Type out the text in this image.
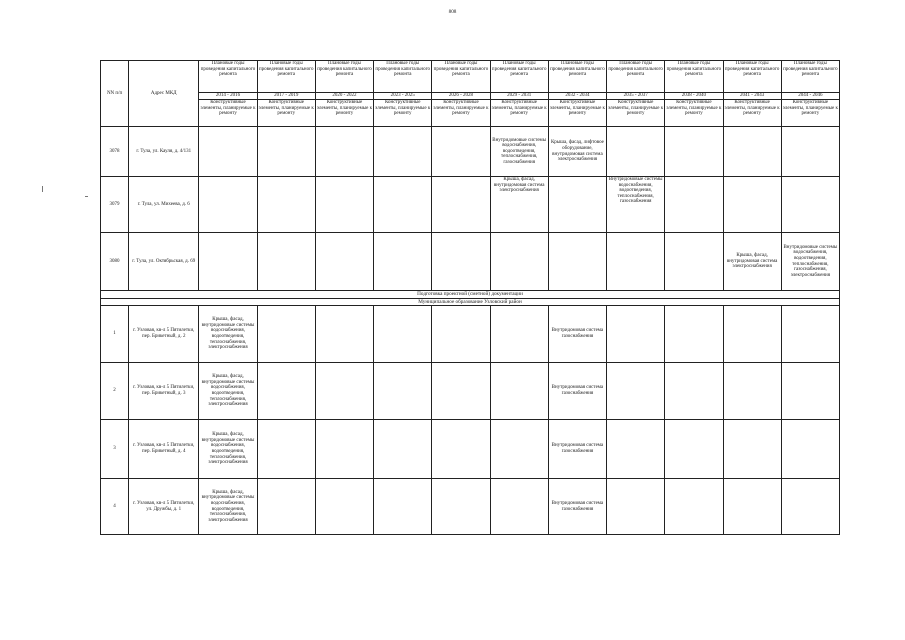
808
NN п/п	Адрес МКД	Плановые годы проведения капитального ремонта	Плановые годы проведения капитального ремонта	Плановые годы проведения капитального ремонта	Плановые годы проведения капитального ремонта	Плановые годы проведения капитального ремонта	Плановые годы проведения капитального ремонта	Плановые годы проведения капитального ремонта	Плановые годы проведения капитального ремонта	Плановые годы проведения капитального ремонта	Плановые годы проведения капитального ремонта	Плановые годы проведения капитального ремонта
		2014 - 2016	2017 - 2019	2020 - 2022	2023 - 2025	2026 - 2028	2029 - 2031	2032 - 2034	2035 - 2037	2038 - 2040	2041 - 2043	2044 - 2046
		Конструктивные элементы, планируемые к ремонту	Конструктивные элементы, планируемые к ремонту	Конструктивные элементы, планируемые к ремонту	Конструктивные элементы, планируемые к ремонту	Конструктивные элементы, планируемые к ремонту	Конструктивные элементы, планируемые к ремонту	Конструктивные элементы, планируемые к ремонту	Конструктивные элементы, планируемые к ремонту	Конструктивные элементы, планируемые к ремонту	Конструктивные элементы, планируемые к ремонту	Конструктивные элементы, планируемые к ремонту
3078	г. Тула, ул. Кауля, д. 4/131						Внутридомовые системы водоснабжения, водоотведения, теплоснабжения, газоснабжения	Крыша, фасад, лифтовое оборудование, внутридомовая система электроснабжения				
3079	г. Тула, ул. Михеева, д. 6						Крыша, фасад, внутридомовая система электроснабжения		Внутридомовые системы водоснабжения, водоотведения, теплоснабжения, газоснабжения			
3080	г. Тула, ул. Октябрьская, д. 69										Крыша, фасад, внутридомовая система электроснабжения	Внутридомовые системы водоснабжения, водоотведения, теплоснабжения, газоснабжения, электроснабжения
Подготовка проектной (сметной) документации												
Муниципальное образование Узловский район												
1	г. Узловая, кв-л 5 Пятилетки, пер. Брикетный, д. 2	Крыша, фасад, внутридомовые системы водоснабжения, водоотведения, теплоснабжения, электроснабжения						Внутридомовая система газоснабжения				
2	г. Узловая, кв-л 5 Пятилетки, пер. Брикетный, д. 3	Крыша, фасад, внутридомовые системы водоснабжения, водоотведения, теплоснабжения, электроснабжения						Внутридомовая система газоснабжения				
3	г. Узловая, кв-л 5 Пятилетки, пер. Брикетный, д. 4	Крыша, фасад, внутридомовые системы водоснабжения, водоотведения, теплоснабжения, электроснабжения						Внутридомовая система газоснабжения				
4	г. Узловая, кв-л 5 Пятилетки, ул. Дружбы, д. 1	Крыша, фасад, внутридомовые системы водоснабжения, водоотведения, теплоснабжения, электроснабжения						Внутридомовая система газоснабжения				
